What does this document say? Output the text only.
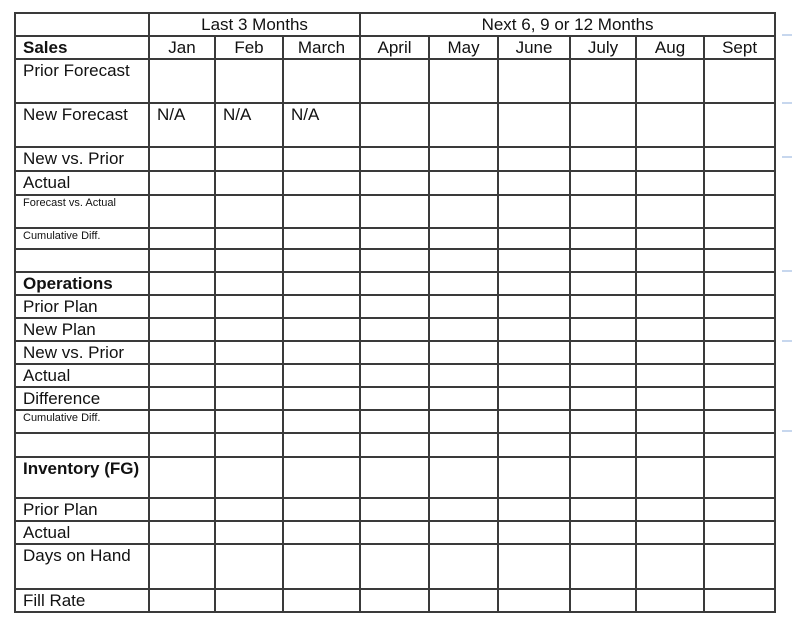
	Last 3 Months			Next 6, 9 or 12 Months					
Sales	Jan	Feb	March	April	May	June	July	Aug	Sept
Prior Forecast									
New Forecast	N/A	N/A	N/A						
New vs. Prior									
Actual									
Forecast vs. Actual									
Cumulative Diff.									

Operations									
Prior Plan									
New Plan									
New vs. Prior									
Actual									
Difference									
Cumulative Diff.									

Inventory (FG)									
Prior Plan									
Actual									
Days on Hand									
Fill Rate									
